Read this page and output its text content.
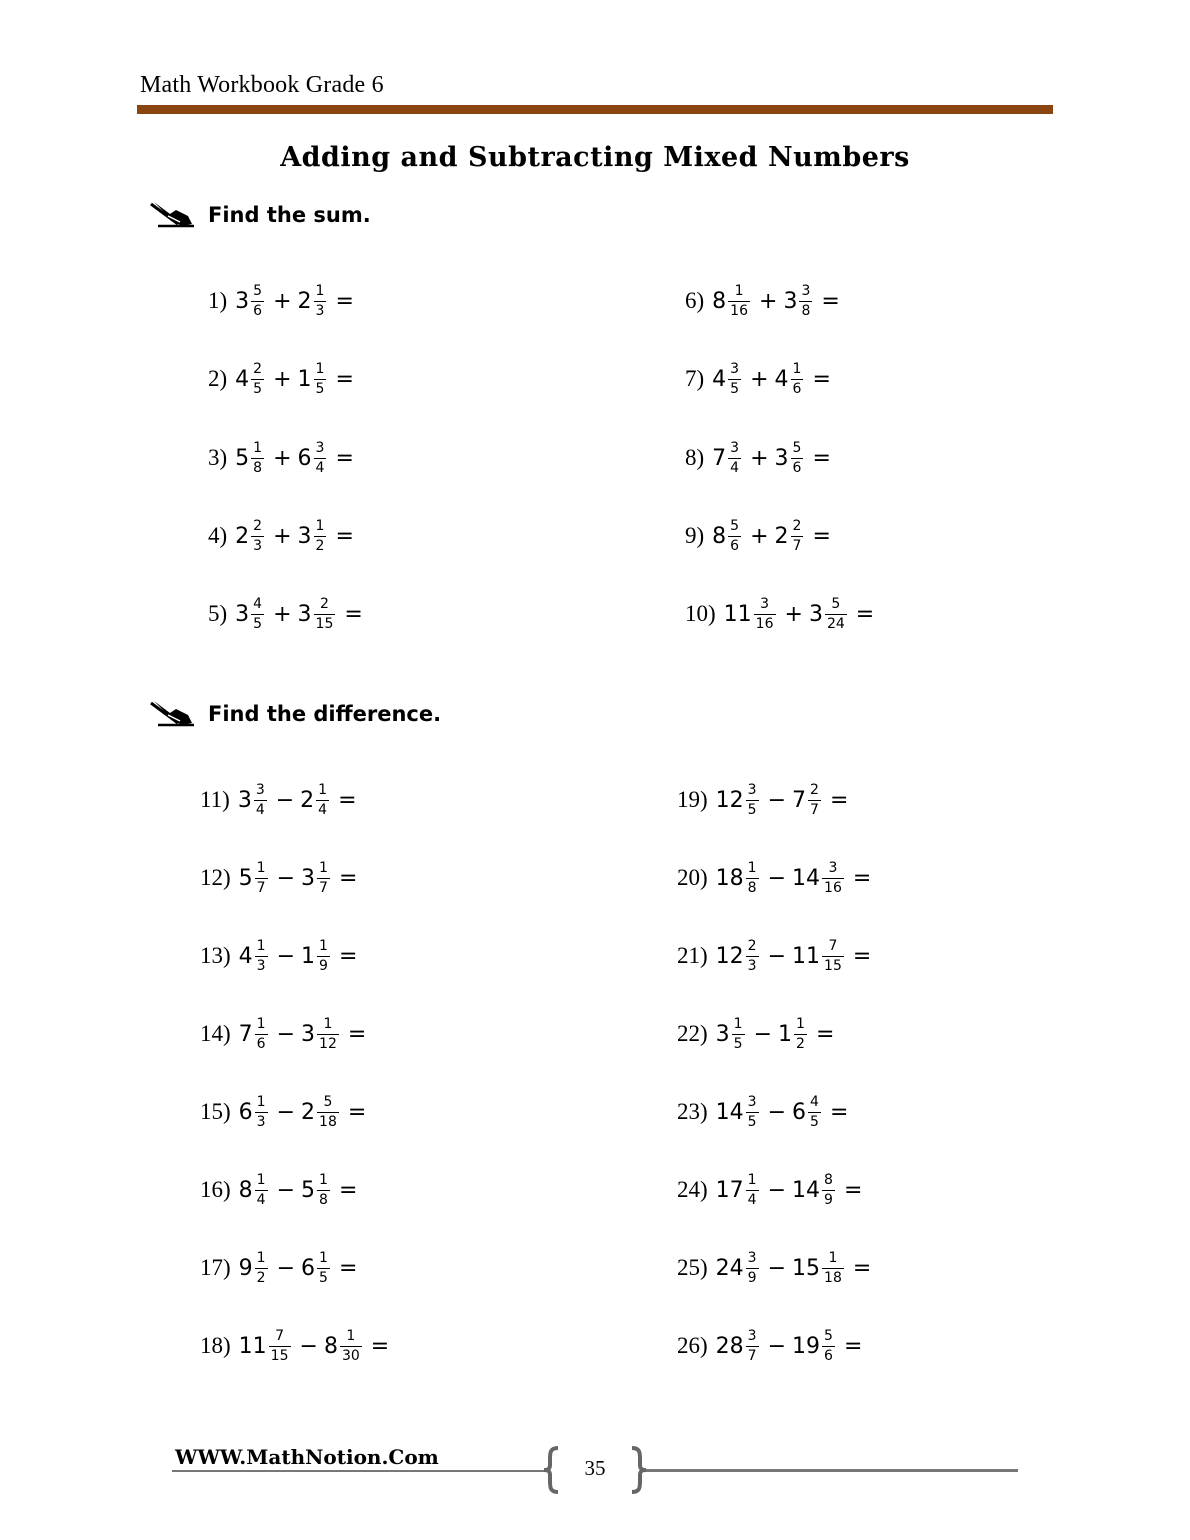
Math Workbook Grade 6
Adding and Subtracting Mixed Numbers
Find the sum.
Find the difference.
1) $3 \frac{5}{6} + 2 \frac{1}{3}$ =
2) $4 \frac{2}{5} + 1 \frac{1}{5}$ =
3) $5 \frac{1}{8} + 6 \frac{3}{4}$ =
4) $2 \frac{2}{3} + 3 \frac{1}{2}$ =
5) $3 \frac{4}{5} + 3 \frac{2}{15}$ =
6) $8 \frac{1}{16} + 3 \frac{3}{8}$ =
7) $4 \frac{3}{5} + 4 \frac{1}{6}$ =
8) $7 \frac{3}{4} + 3 \frac{5}{6}$ =
9) $8 \frac{5}{6} + 2 \frac{2}{7}$ =
10) $11 \frac{3}{16} + 3 \frac{5}{24}$ =
11) $3 \frac{3}{4} - 2 \frac{1}{4}$ =
12) $5 \frac{1}{7} - 3 \frac{1}{7}$ =
13) $4 \frac{1}{3} - 1 \frac{1}{9}$ =
14) $7 \frac{1}{6} - 3 \frac{1}{12}$ =
15) $6 \frac{1}{3} - 2 \frac{5}{18}$ =
16) $8 \frac{1}{4} - 5 \frac{1}{8}$ =
17) $9 \frac{1}{2} - 6 \frac{1}{5}$ =
18) $11 \frac{7}{15} - 8 \frac{1}{30}$ =
19) $12 \frac{3}{5} - 7 \frac{2}{7}$ =
20) $18 \frac{1}{8} - 14 \frac{3}{16}$ =
21) $12 \frac{2}{3} - 11 \frac{7}{15}$ =
22) $3 \frac{1}{5} - 1 \frac{1}{2}$ =
23) $14 \frac{3}{5} - 6 \frac{4}{5}$ =
24) $17 \frac{1}{4} - 14 \frac{8}{9}$ =
25) $24 \frac{3}{9} - 15 \frac{1}{18}$ =
26) $28 \frac{3}{7} - 19 \frac{5}{6}$ =
WWW.MathNotion.Com	35
